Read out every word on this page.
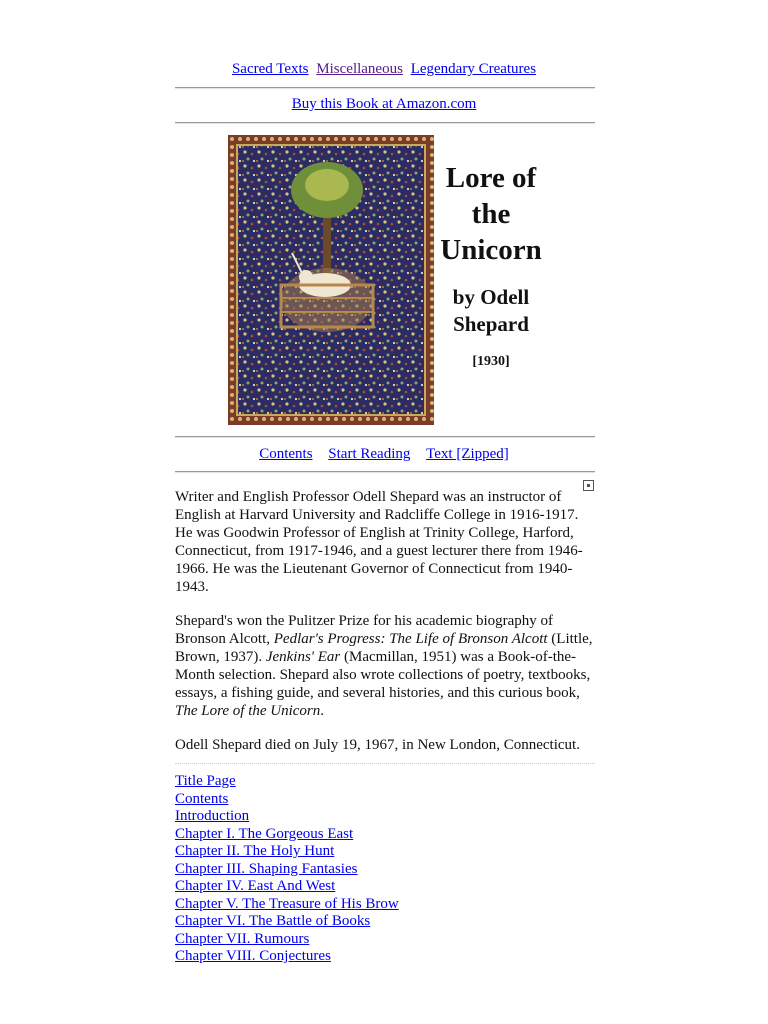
Sacred Texts Miscellaneous Legendary Creatures
Buy this Book at Amazon.com
Lore of
the
Unicorn
by Odell
Shepard
[1930]
Contents Start Reading Text [Zipped]

Writer and English Professor Odell Shepard was an instructor of English at Harvard University and Radcliffe College in 1916-1917. He was Goodwin Professor of English at Trinity College, Harford, Connecticut, from 1917-1946, and a guest lecturer there from 1946-1966. He was the Lieutenant Governor of Connecticut from 1940-1943.

Shepard's won the Pulitzer Prize for his academic biography of Bronson Alcott, Pedlar's Progress: The Life of Bronson Alcott (Little, Brown, 1937). Jenkins' Ear (Macmillan, 1951) was a Book-of-the-Month selection. Shepard also wrote collections of poetry, textbooks, essays, a fishing guide, and several histories, and this curious book, The Lore of the Unicorn.

Odell Shepard died on July 19, 1967, in New London, Connecticut.

Title Page
Contents
Introduction
Chapter I. The Gorgeous East
Chapter II. The Holy Hunt
Chapter III. Shaping Fantasies
Chapter IV. East And West
Chapter V. The Treasure of His Brow
Chapter VI. The Battle of Books
Chapter VII. Rumours
Chapter VIII. Conjectures
